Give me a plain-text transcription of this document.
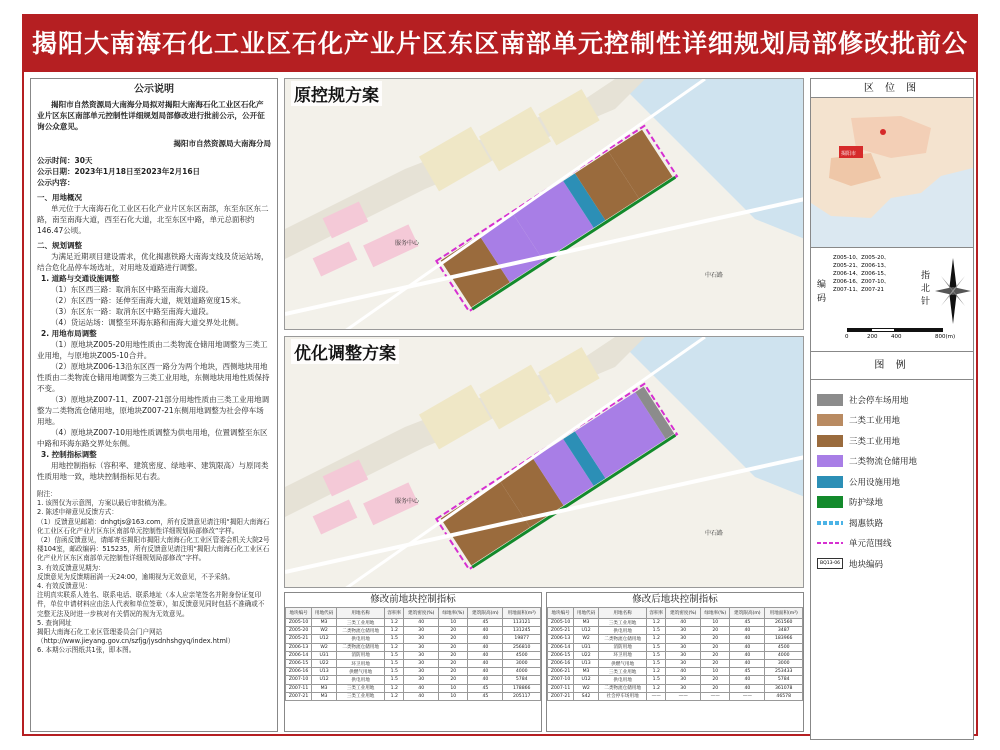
揭阳大南海石化工业区石化产业片区东区南部单元控制性详细规划局部修改批前公
公示说明
揭阳市自然资源局大南海分局拟对揭阳大南海石化工业区石化产业片区东区南部单元控制性详细规划局部修改进行批前公示，公开征询公众意见。
揭阳市自然资源局大南海分局
公示时间：30天
公示日期：2023年1月18日至2023年2月16日
公示内容：
一、用地概况
单元位于大南海石化工业区石化产业片区东区南部，东至东区东二路，南至南海大道，西至石化大道，北至东区中路，单元总面积约146.47公顷。
二、规划调整
为满足近期项目建设需求，优化揭惠铁路大南海支线及货运站场，结合危化品停车场选址，对用地及道路进行调整。
1. 道路与交通设施调整
（1）东区西三路：取消东区中路至南海大道段。
（2）东区西一路：延伸至南海大道，规划道路宽度15米。
（3）东区东一路：取消东区中路至南海大道段。
（4）货运站场：调整至环海东路和南海大道交界处北侧。
2. 用地布局调整
（1）原地块Z005-20用地性质由二类物流仓储用地调整为三类工业用地，与原地块Z005-10合并。
（2）原地块Z006-13沿东区西一路分为两个地块，西侧地块用地性质由二类物流仓储用地调整为三类工业用地，东侧地块用地性质保持不变。
（3）原地块Z007-11、Z007-21部分用地性质由三类工业用地调整为二类物流仓储用地，原地块Z007-21东侧用地调整为社会停车场用地。
（4）原地块Z007-10用地性质调整为供电用地，位置调整至东区中路和环海东路交界处东侧。
3. 控制指标调整
用地控制指标（容积率、建筑密度、绿地率、建筑限高）与原同类性质用地一致，地块控制指标见右表。
附注：
1. 该图仅为示意图，方案以最后审批稿为准。
2. 陈述申辩意见反馈方式：
（1）反馈意见邮箱：dnhgtjs@163.com，所有反馈意见请注明“揭阳大南海石化工业区石化产业片区东区南部单元控制性详细规划局部修改”字样。
（2）信函反馈意见，请邮寄至揭阳市揭阳大南海石化工业区管委会机关大院2号楼104室，邮政编码：515235，所有反馈意见请注明“揭阳大南海石化工业区石化产业片区东区南部单元控制性详细规划局部修改”字样。
3. 有效反馈意见期为：
反馈意见为反馈期届满一天24:00，逾期视为无效意见，不予采纳。
4. 有效反馈意见：
注明真实联系人姓名、联系电话、联系地址（本人应亲笔签名并附身份证复印件，单位申请材料应由法人代表和单位签章），如反馈意见同时包括不准确或不完整无法及时进一步核对有关情况的视为无效意见。
5. 查询网址
揭阳大南海石化工业区管理委员会门户网站
（http://www.jieyang.gov.cn/szfjg/jysdnhshgyq/index.html）
6. 本期公示图纸共1张，即本图。
服务中心
中石路
原控规方案
服务中心
中石路
优化调整方案
修改前地块控制指标
地块编号	用地代码	用地名称	容积率	建筑密度(%)	绿地率(%)	建筑限高(m)	用地面积(m²)
Z005-10	M3	三类工业用地	1.2	40	10	45	113121
Z005-20	W2	二类物流仓储用地	1.2	30	20	40	131245
Z005-21	U12	供电用地	1.5	30	20	40	19877
Z006-13	W2	二类物流仓储用地	1.2	30	20	40	256810
Z006-14	U31	消防用地	1.5	30	20	40	4500
Z006-15	U22	环卫用地	1.5	30	20	40	3000
Z006-16	U13	供燃气用地	1.5	30	20	40	4000
Z007-10	U12	供电用地	1.5	30	20	40	5784
Z007-11	M3	三类工业用地	1.2	40	10	45	178866
Z007-21	M3	三类工业用地	1.2	40	10	45	205117
修改后地块控制指标
地块编号	用地代码	用地名称	容积率	建筑密度(%)	绿地率(%)	建筑限高(m)	用地面积(m²)
Z005-10	M3	三类工业用地	1.2	40	10	45	261560
Z005-21	U12	供电用地	1.5	30	20	40	3487
Z006-13	W2	二类物流仓储用地	1.2	30	20	40	183966
Z006-14	U31	消防用地	1.5	30	20	40	4500
Z006-15	U22	环卫用地	1.5	30	20	40	4000
Z006-16	U13	供燃气用地	1.5	30	20	40	3000
Z006-21	M3	三类工业用地	1.2	40	10	45	253433
Z007-10	U12	供电用地	1.5	30	20	40	5784
Z007-11	W2	二类物流仓储用地	1.2	30	20	40	361078
Z007-21	S42	社会停车场用地	——	——	——	——	46578
区 位 图
揭阳市
编码
Z005-10、Z005-20、
Z005-21、Z006-13、
Z006-14、Z006-15、
Z006-16、Z007-10、
Z007-11、Z007-21
指北针
0	200 400	800(m)
图 例
社会停车场用地
二类工业用地
三类工业用地
二类物流仓储用地
公用设施用地
防护绿地
揭惠铁路
单元范围线
BQ13-06	地块编码
